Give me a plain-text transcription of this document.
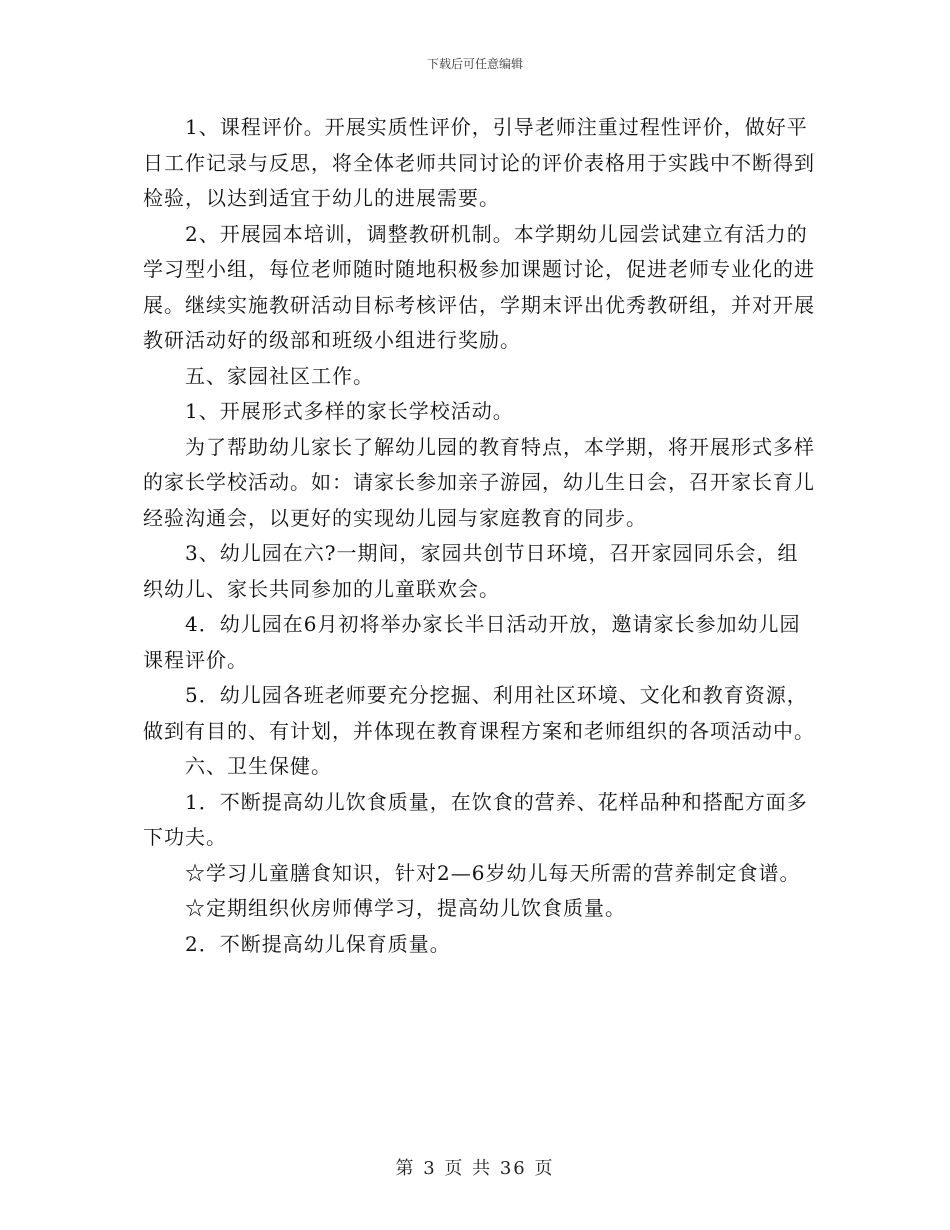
下载后可任意编辑

1、课程评价。开展实质性评价，引导老师注重过程性评价，做好平日工作记录与反思，将全体老师共同讨论的评价表格用于实践中不断得到检验，以达到适宜于幼儿的进展需要。

2、开展园本培训，调整教研机制。本学期幼儿园尝试建立有活力的学习型小组，每位老师随时随地积极参加课题讨论，促进老师专业化的进展。继续实施教研活动目标考核评估，学期末评出优秀教研组，并对开展教研活动好的级部和班级小组进行奖励。

五、家园社区工作。

1、开展形式多样的家长学校活动。

为了帮助幼儿家长了解幼儿园的教育特点，本学期，将开展形式多样的家长学校活动。如：请家长参加亲子游园，幼儿生日会，召开家长育儿经验沟通会，以更好的实现幼儿园与家庭教育的同步。

3、幼儿园在六?一期间，家园共创节日环境，召开家园同乐会，组织幼儿、家长共同参加的儿童联欢会。

4．幼儿园在6月初将举办家长半日活动开放，邀请家长参加幼儿园课程评价。

5．幼儿园各班老师要充分挖掘、利用社区环境、文化和教育资源，做到有目的、有计划，并体现在教育课程方案和老师组织的各项活动中。

六、卫生保健。

1．不断提高幼儿饮食质量，在饮食的营养、花样品种和搭配方面多下功夫。

☆学习儿童膳食知识，针对2—6岁幼儿每天所需的营养制定食谱。

☆定期组织伙房师傅学习，提高幼儿饮食质量。

2．不断提高幼儿保育质量。

第 3 页 共 36 页
